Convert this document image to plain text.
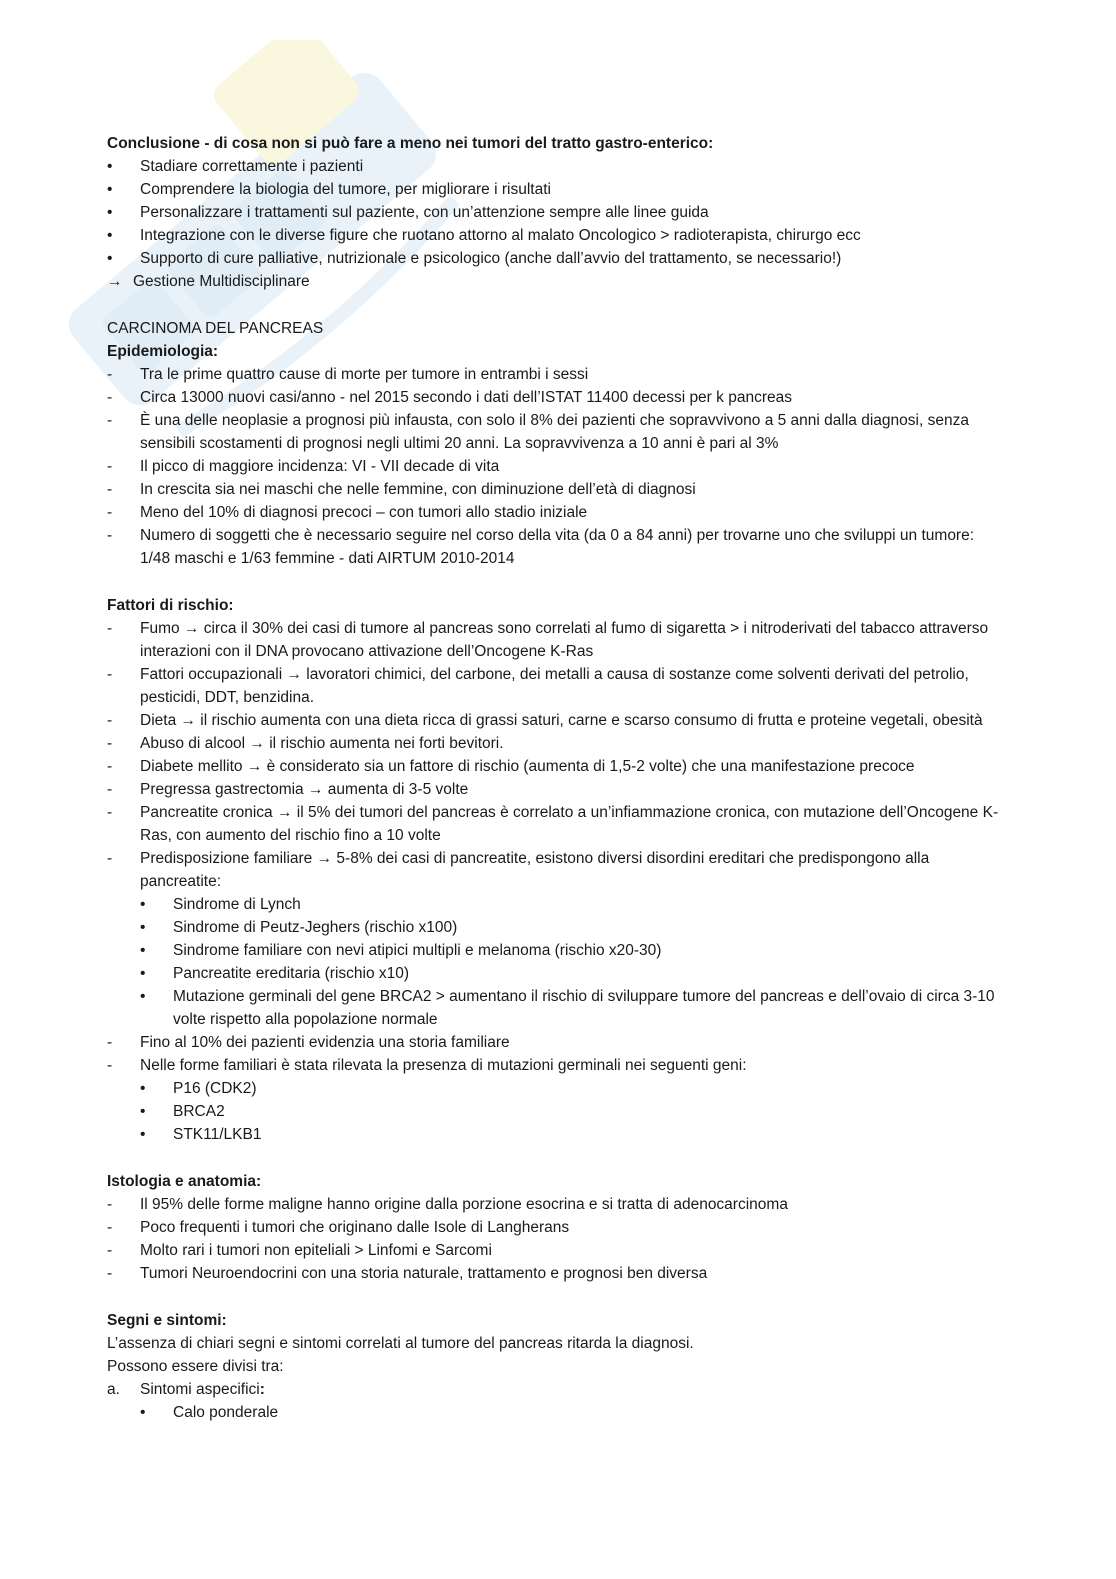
Conclusione - di cosa non si può fare a meno nei tumori del tratto gastro-enterico:
•	Stadiare correttamente i pazienti
•	Comprendere la biologia del tumore, per migliorare i risultati
•	Personalizzare i trattamenti sul paziente, con un’attenzione sempre alle linee guida
•	Integrazione con le diverse figure che ruotano attorno al malato Oncologico > radioterapista, chirurgo ecc
•	Supporto di cure palliative, nutrizionale e psicologico (anche dall’avvio del trattamento, se necessario!)
→ Gestione Multidisciplinare
CARCINOMA DEL PANCREAS
Epidemiologia:
-	Tra le prime quattro cause di morte per tumore in entrambi i sessi
-	Circa 13000 nuovi casi/anno - nel 2015 secondo i dati dell’ISTAT 11400 decessi per k pancreas
-	È una delle neoplasie a prognosi più infausta, con solo il 8% dei pazienti che sopravvivono a 5 anni dalla diagnosi, senza sensibili scostamenti di prognosi negli ultimi 20 anni. La sopravvivenza a 10 anni è pari al 3%
-	Il picco di maggiore incidenza: VI - VII decade di vita
-	In crescita sia nei maschi che nelle femmine, con diminuzione dell’età di diagnosi
-	Meno del 10% di diagnosi precoci – con tumori allo stadio iniziale
-	Numero di soggetti che è necessario seguire nel corso della vita (da 0 a 84 anni) per trovarne uno che sviluppi un tumore: 1/48 maschi e 1/63 femmine - dati AIRTUM 2010-2014
Fattori di rischio:
-	Fumo → circa il 30% dei casi di tumore al pancreas sono correlati al fumo di sigaretta > i nitroderivati del tabacco attraverso interazioni con il DNA provocano attivazione dell’Oncogene K-Ras
-	Fattori occupazionali → lavoratori chimici, del carbone, dei metalli a causa di sostanze come solventi derivati del petrolio, pesticidi, DDT, benzidina.
-	Dieta → il rischio aumenta con una dieta ricca di grassi saturi, carne e scarso consumo di frutta e proteine vegetali, obesità
-	Abuso di alcool → il rischio aumenta nei forti bevitori.
-	Diabete mellito → è considerato sia un fattore di rischio (aumenta di 1,5-2 volte) che una manifestazione precoce
-	Pregressa gastrectomia → aumenta di 3-5 volte
-	Pancreatite cronica → il 5% dei tumori del pancreas è correlato a un’infiammazione cronica, con mutazione dell’Oncogene K-Ras, con aumento del rischio fino a 10 volte
-	Predisposizione familiare → 5-8% dei casi di pancreatite, esistono diversi disordini ereditari che predispongono alla pancreatite:
•	Sindrome di Lynch
•	Sindrome di Peutz-Jeghers (rischio x100)
•	Sindrome familiare con nevi atipici multipli e melanoma (rischio x20-30)
•	Pancreatite ereditaria (rischio x10)
•	Mutazione germinali del gene BRCA2 > aumentano il rischio di sviluppare tumore del pancreas e dell’ovaio di circa 3-10 volte rispetto alla popolazione normale
-	Fino al 10% dei pazienti evidenzia una storia familiare
-	Nelle forme familiari è stata rilevata la presenza di mutazioni germinali nei seguenti geni:
•	P16 (CDK2)
•	BRCA2
•	STK11/LKB1
Istologia e anatomia:
-	Il 95% delle forme maligne hanno origine dalla porzione esocrina e si tratta di adenocarcinoma
-	Poco frequenti i tumori che originano dalle Isole di Langherans
-	Molto rari i tumori non epiteliali > Linfomi e Sarcomi
-	Tumori Neuroendocrini con una storia naturale, trattamento e prognosi ben diversa
Segni e sintomi:
L’assenza di chiari segni e sintomi correlati al tumore del pancreas ritarda la diagnosi.
Possono essere divisi tra:
a.	Sintomi aspecifici:
•	Calo ponderale
